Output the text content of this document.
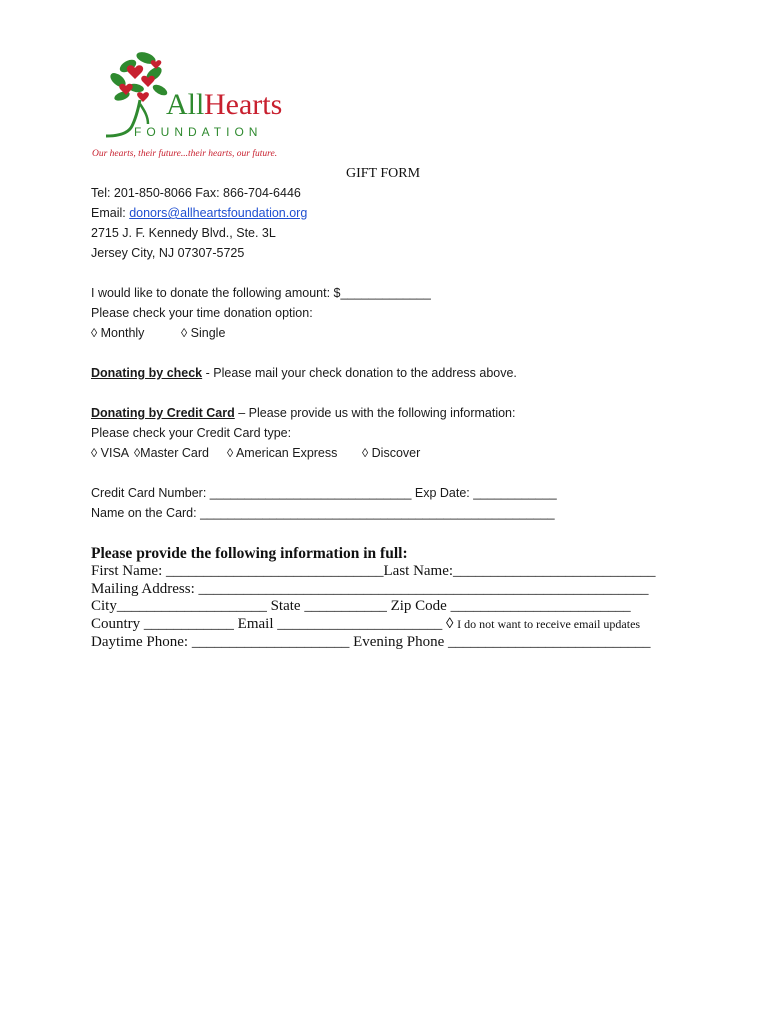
All Hearts
FOUNDATION
Our hearts, their future...their hearts, our future.
GIFT FORM
Tel: 201-850-8066 Fax: 866-704-6446
Email: donors@allheartsfoundation.org
2715 J. F. Kennedy Blvd., Ste. 3L
Jersey City, NJ 07307-5725
I would like to donate the following amount: $_____________
Please check your time donation option:
◊ Monthly	◊ Single
Donating by check - Please mail your check donation to the address above.
Donating by Credit Card – Please provide us with the following information:
Please check your Credit Card type:
◊ VISA ◊Master Card ◊ American Express ◊ Discover
Credit Card Number: _____________________________ Exp Date: ____________
Name on the Card: ___________________________________________________
Please provide the following information in full:
First Name: _____________________________Last Name:___________________________
Mailing Address: ____________________________________________________________
City____________________ State ___________ Zip Code ________________________
Country ____________ Email ______________________ ◊ I do not want to receive email updates
Daytime Phone: _____________________ Evening Phone ___________________________
